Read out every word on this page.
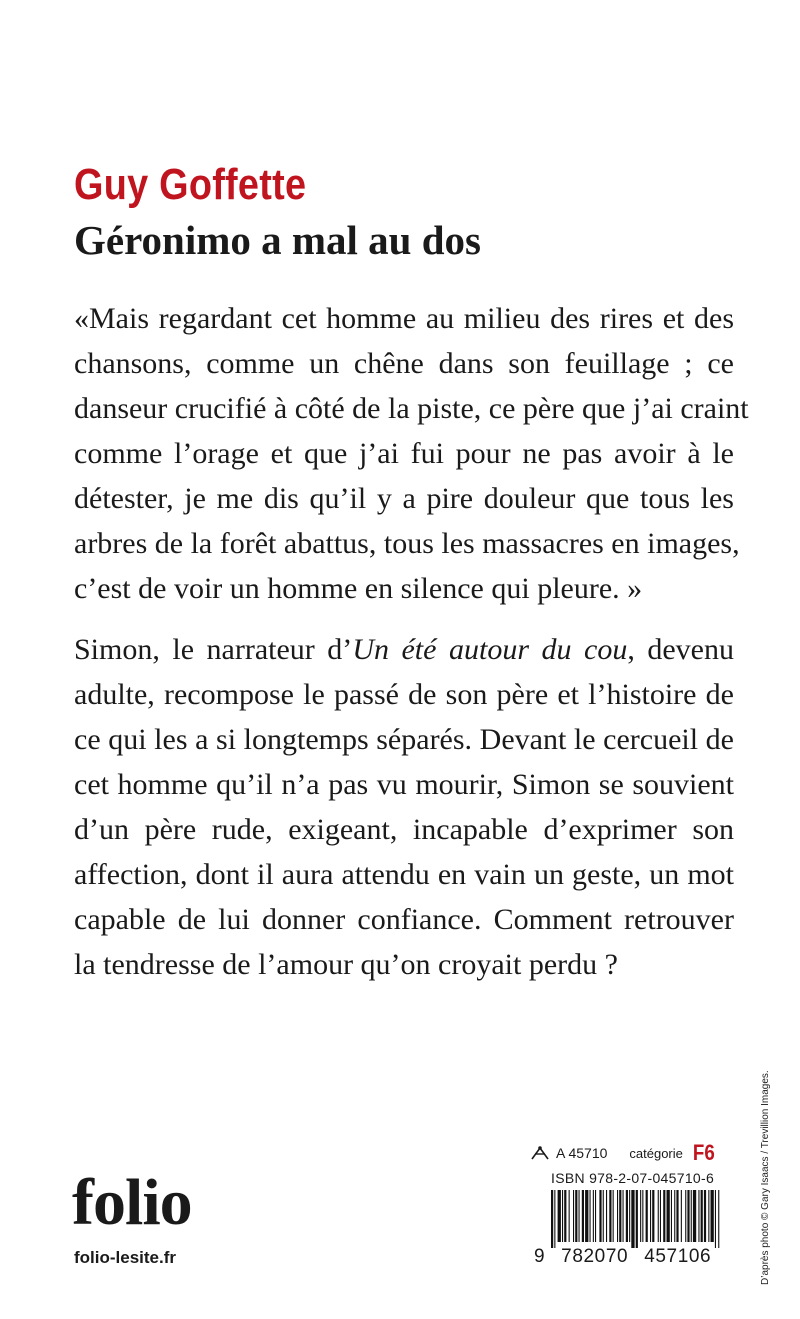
Guy Goffette
Géronimo a mal au dos
«Mais regardant cet homme au milieu des rires et des
chansons, comme un chêne dans son feuillage ; ce
danseur crucifié à côté de la piste, ce père que j’ai craint
comme l’orage et que j’ai fui pour ne pas avoir à le
détester, je me dis qu’il y a pire douleur que tous les
arbres de la forêt abattus, tous les massacres en images,
c’est de voir un homme en silence qui pleure. »
Simon, le narrateur d’Un été autour du cou, devenu
adulte, recompose le passé de son père et l’histoire de
ce qui les a si longtemps séparés. Devant le cercueil de
cet homme qu’il n’a pas vu mourir, Simon se souvient
d’un père rude, exigeant, incapable d’exprimer son
affection, dont il aura attendu en vain un geste, un mot
capable de lui donner confiance. Comment retrouver
la tendresse de l’amour qu’on croyait perdu ?
D’après photo © Gary Isaacs / Trevillion Images.
A 45710 catégorie F6
ISBN 978-2-07-045710-6
9 782070 457106
folio
folio-lesite.fr
